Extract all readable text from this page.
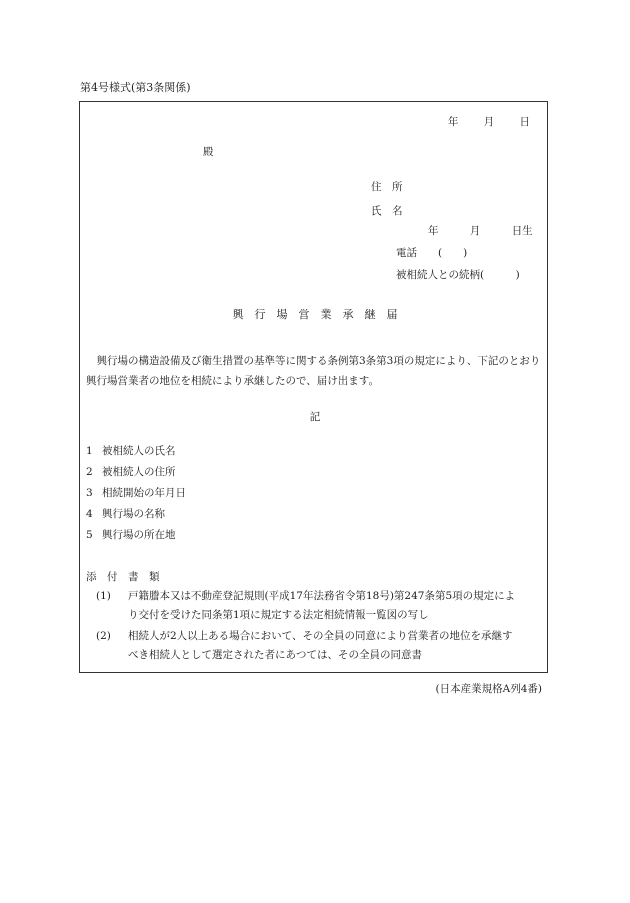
第4号様式(第3条関係)
年 月 日
殿
住　所
氏　名
年	月	日生
電話　　(　　)
被相続人との続柄(　　　)
興　行　場　営　業　承　継　届
　興行場の構造設備及び衛生措置の基準等に関する条例第3条第3項の規定により、下記のとおり興行場営業者の地位を相続により承継したので、届け出ます。
記
1 被相続人の氏名
2 被相続人の住所
3 相続開始の年月日
4 興行場の名称
5 興行場の所在地
添　付　書　類
(1) 戸籍謄本又は不動産登記規則(平成17年法務省令第18号)第247条第5項の規定によ
り交付を受けた同条第1項に規定する法定相続情報一覧図の写し
(2) 相続人が2人以上ある場合において、その全員の同意により営業者の地位を承継す
べき相続人として選定された者にあつては、その全員の同意書
(日本産業規格A列4番)
